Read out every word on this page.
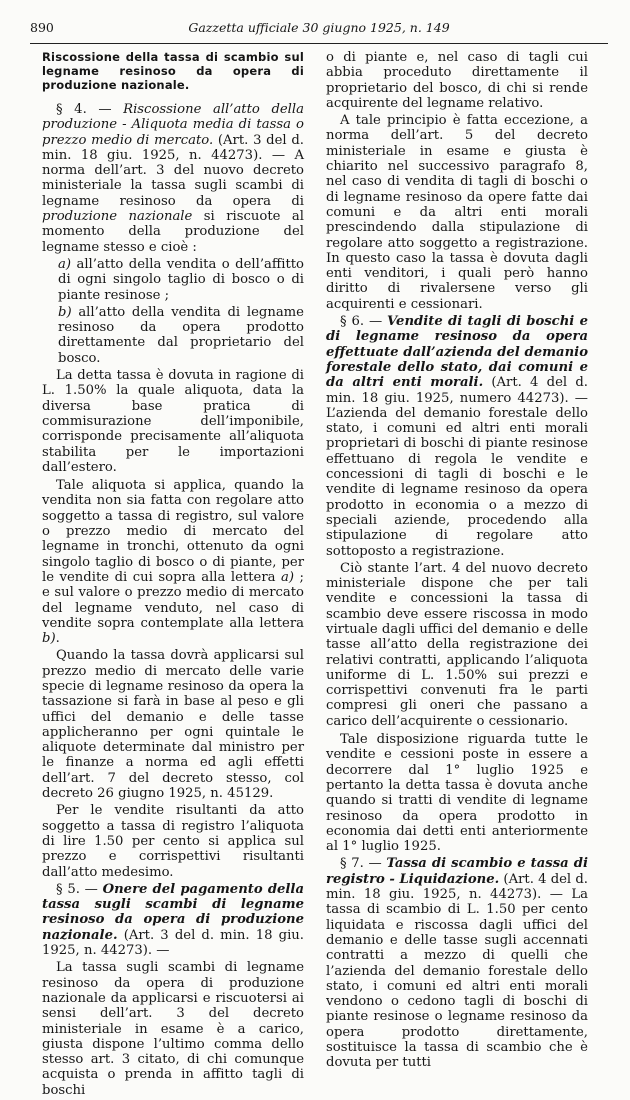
890	Gazzetta ufficiale 30 giugno 1925, n. 149
Riscossione della tassa di scambio sul legname resinoso da opera di produzione nazionale.

§ 4. — Riscossione all’atto della produzione - Aliquota media di tassa o prezzo medio di mercato. (Art. 3 del d. min. 18 giu. 1925, n. 44273). — A norma dell’art. 3 del nuovo decreto ministeriale la tassa sugli scambi di legname resinoso da opera di produzione nazionale si riscuote al momento della produzione del legname stesso e cioè :

a) all’atto della vendita o dell’affitto di ogni singolo taglio di bosco o di piante resinose ;

b) all’atto della vendita di legname resinoso da opera prodotto direttamente dal proprietario del bosco.

La detta tassa è dovuta in ragione di L. 1.50% la quale aliquota, data la diversa base pratica di commisurazione dell’imponibile, corrisponde precisamente all’aliquota stabilita per le importazioni dall’estero.

Tale aliquota si applica, quando la vendita non sia fatta con regolare atto soggetto a tassa di registro, sul valore o prezzo medio di mercato del legname in tronchi, ottenuto da ogni singolo taglio di bosco o di piante, per le vendite di cui sopra alla lettera a) ; e sul valore o prezzo medio di mercato del legname venduto, nel caso di vendite sopra contemplate alla lettera b).

Quando la tassa dovrà applicarsi sul prezzo medio di mercato delle varie specie di legname resinoso da opera la tassazione si farà in base al peso e gli uffici del demanio e delle tasse applicheranno per ogni quintale le aliquote determinate dal ministro per le finanze a norma ed agli effetti dell’art. 7 del decreto stesso, col decreto 26 giugno 1925, n. 45129.

Per le vendite risultanti da atto soggetto a tassa di registro l’aliquota di lire 1.50 per cento si applica sul prezzo e corrispettivi risultanti dall’atto medesimo.

§ 5. — Onere del pagamento della tassa sugli scambi di legname resinoso da opera di produzione nazionale. (Art. 3 del d. min. 18 giu. 1925, n. 44273). —

La tassa sugli scambi di legname resinoso da opera di produzione nazionale da applicarsi e riscuotersi ai sensi dell’art. 3 del decreto ministeriale in esame è a carico, giusta dispone l’ultimo comma dello stesso art. 3 citato, di chi comunque acquista o prenda in affitto tagli di boschi

o di piante e, nel caso di tagli cui abbia proceduto direttamente il proprietario del bosco, di chi si rende acquirente del legname relativo.

A tale principio è fatta eccezione, a norma dell’art. 5 del decreto ministeriale in esame e giusta è chiarito nel successivo paragrafo 8, nel caso di vendita di tagli di boschi o di legname resinoso da opere fatte dai comuni e da altri enti morali prescindendo dalla stipulazione di regolare atto soggetto a registrazione. In questo caso la tassa è dovuta dagli enti venditori, i quali però hanno diritto di rivalersene verso gli acquirenti e cessionari.

§ 6. — Vendite di tagli di boschi e di legname resinoso da opera effettuate dall’azienda del demanio forestale dello stato, dai comuni e da altri enti morali. (Art. 4 del d. min. 18 giu. 1925, numero 44273). — L’azienda del demanio forestale dello stato, i comuni ed altri enti morali proprietari di boschi di piante resinose effettuano di regola le vendite e concessioni di tagli di boschi e le vendite di legname resinoso da opera prodotto in economia o a mezzo di speciali aziende, procedendo alla stipulazione di regolare atto sottoposto a registrazione.

Ciò stante l’art. 4 del nuovo decreto ministeriale dispone che per tali vendite e concessioni la tassa di scambio deve essere riscossa in modo virtuale dagli uffici del demanio e delle tasse all’atto della registrazione dei relativi contratti, applicando l’aliquota uniforme di L. 1.50% sui prezzi e corrispettivi convenuti fra le parti compresi gli oneri che passano a carico dell’acquirente o cessionario.

Tale disposizione riguarda tutte le vendite e cessioni poste in essere a decorrere dal 1° luglio 1925 e pertanto la detta tassa è dovuta anche quando si tratti di vendite di legname resinoso da opera prodotto in economia dai detti enti anteriormente al 1° luglio 1925.

§ 7. — Tassa di scambio e tassa di registro - Liquidazione. (Art. 4 del d. min. 18 giu. 1925, n. 44273). — La tassa di scambio di L. 1.50 per cento liquidata e riscossa dagli uffici del demanio e delle tasse sugli accennati contratti a mezzo di quelli che l’azienda del demanio forestale dello stato, i comuni ed altri enti morali vendono o cedono tagli di boschi di piante resinose o legname resinoso da opera prodotto direttamente, sostituisce la tassa di scambio che è dovuta per tutti
